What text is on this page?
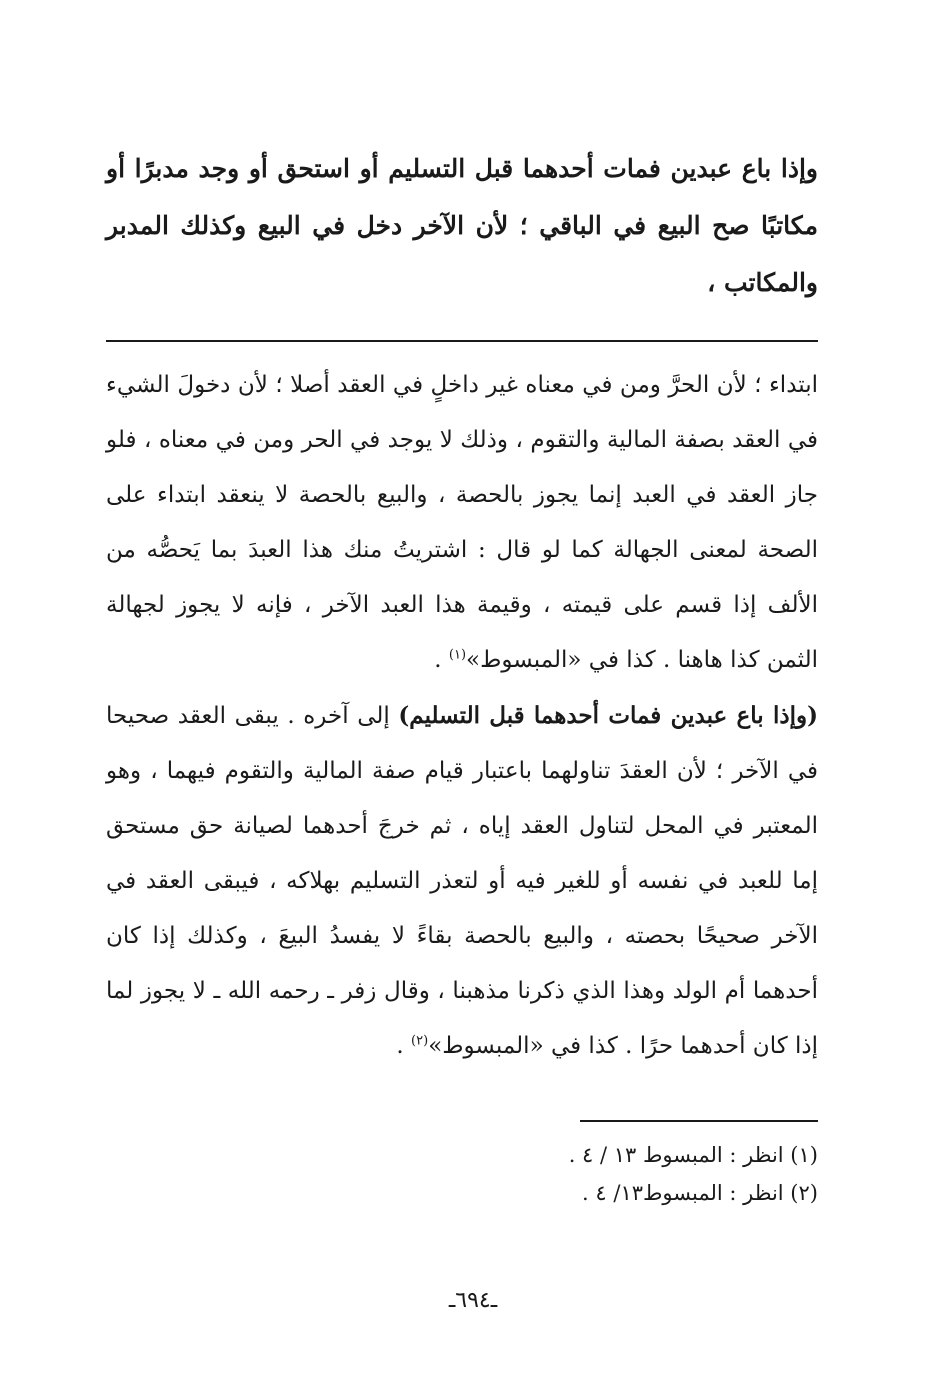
وإذا باع عبدين فمات أحدهما قبل التسليم أو استحق أو وجد مدبرًا أو مكاتبًا صح البيع في الباقي ؛ لأن الآخر دخل في البيع وكذلك المدبر والمكاتب ،

ابتداء ؛ لأن الحرَّ ومن في معناه غير داخلٍ في العقد أصلا ؛ لأن دخولَ الشيء في العقد بصفة المالية والتقوم ، وذلك لا يوجد في الحر ومن في معناه ، فلو جاز العقد في العبد إنما يجوز بالحصة ، والبيع بالحصة لا ينعقد ابتداء على الصحة لمعنى الجهالة كما لو قال : اشتريتُ منك هذا العبدَ بما يَحصُّه من الألف إذا قسم على قيمته ، وقيمة هذا العبد الآخر ، فإنه لا يجوز لجهالة الثمن كذا هاهنا . كذا في «المبسوط»$^{(١)}$ .

(وإذا باع عبدين فمات أحدهما قبل التسليم) إلى آخره . يبقى العقد صحيحا في الآخر ؛ لأن العقدَ تناولهما باعتبار قيام صفة المالية والتقوم فيهما ، وهو المعتبر في المحل لتناول العقد إياه ، ثم خرجَ أحدهما لصيانة حق مستحق إما للعبد في نفسه أو للغير فيه أو لتعذر التسليم بهلاكه ، فيبقى العقد في الآخر صحيحًا بحصته ، والبيع بالحصة بقاءً لا يفسدُ البيعَ ، وكذلك إذا كان أحدهما أم الولد وهذا الذي ذكرنا مذهبنا ، وقال زفر ـ رحمه الله ـ لا يجوز لما إذا كان أحدهما حرًا . كذا في «المبسوط»$^{(٢)}$ .

(١) انظر : المبسوط ١٣ / ٤ .
(٢) انظر : المبسوط١٣/ ٤ .
ـ٦٩٤ـ
